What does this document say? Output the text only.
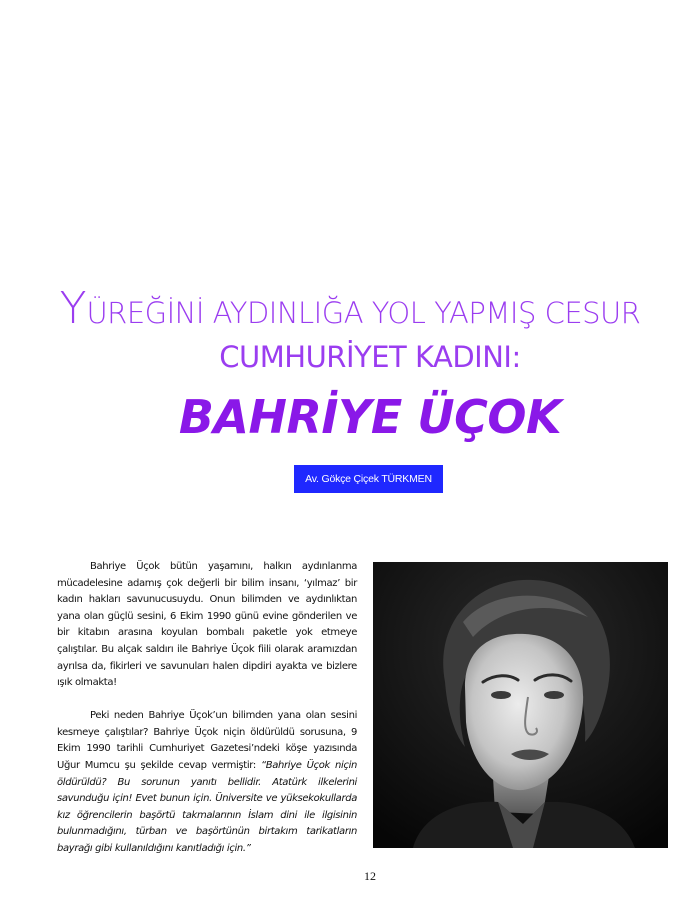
YÜREĞİNİ AYDINLIĞA YOL YAPMIŞ CESUR
CUMHURİYET KADINI:
BAHRİYE ÜÇOK
Av. Gökçe Çiçek TÜRKMEN

Bahriye Üçok bütün yaşamını, halkın aydınlanma mücadelesine adamış çok değerli bir bilim insanı, ‘yılmaz’ bir kadın hakları savunucusuydu. Onun bilimden ve aydınlıktan yana olan güçlü sesini, 6 Ekim 1990 günü evine gönderilen ve bir kitabın arasına koyulan bombalı paketle yok etmeye çalıştılar. Bu alçak saldırı ile Bahriye Üçok fiili olarak aramızdan ayrılsa da, fikirleri ve savunuları halen dipdiri ayakta ve bizlere ışık olmakta!

Peki neden Bahriye Üçok’un bilimden yana olan sesini kesmeye çalıştılar? Bahriye Üçok niçin öldürüldü sorusuna, 9 Ekim 1990 tarihli Cumhuriyet Gazetesi’ndeki köşe yazısında Uğur Mumcu şu şekilde cevap vermiştir: “Bahriye Üçok niçin öldürüldü? Bu sorunun yanıtı bellidir. Atatürk ilkelerini savunduğu için! Evet bunun için. Üniversite ve yüksekokullarda kız öğrencilerin başörtü takmalarının İslam dini ile ilgisinin bulunmadığını, türban ve başörtünün birtakım tarikatların bayrağı gibi kullanıldığını kanıtladığı için.”

12
